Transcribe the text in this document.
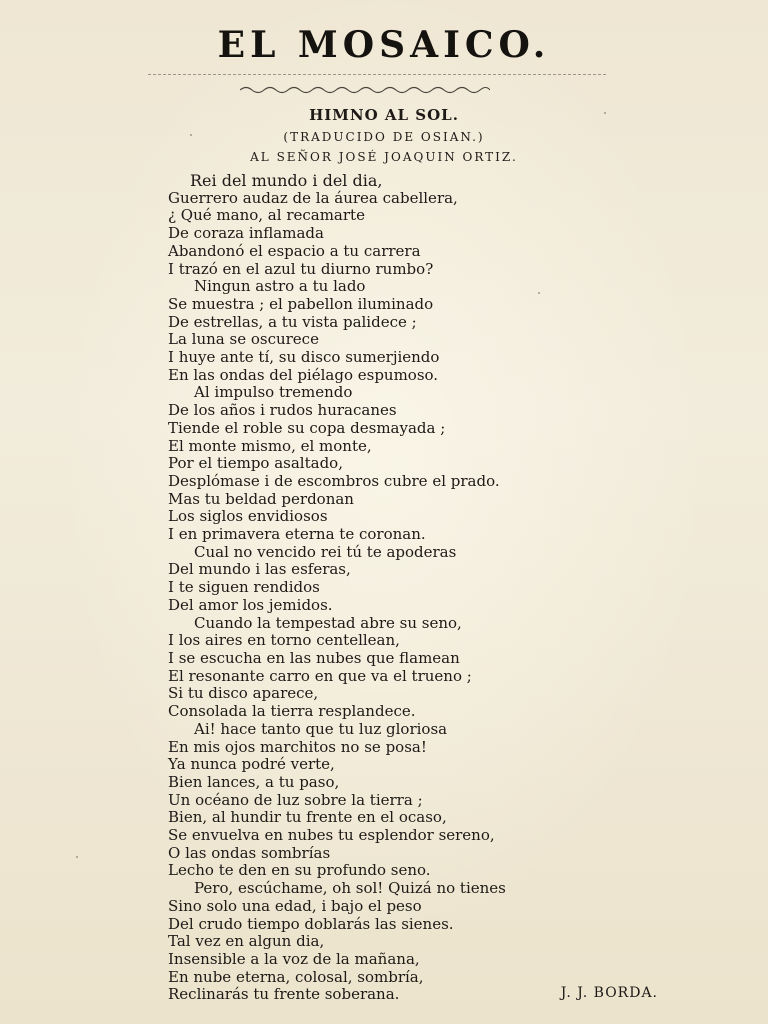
EL MOSAICO.
HIMNO AL SOL.
(TRADUCIDO DE OSIAN.)
AL SEÑOR JOSÉ JOAQUIN ORTIZ.
Rei del mundo i del dia,
Guerrero audaz de la áurea cabellera,
¿ Qué mano, al recamarte
De coraza inflamada
Abandonó el espacio a tu carrera
I trazó en el azul tu diurno rumbo?
Ningun astro a tu lado
Se muestra ; el pabellon iluminado
De estrellas, a tu vista palidece ;
La luna se oscurece
I huye ante tí, su disco sumerjiendo
En las ondas del piélago espumoso.
Al impulso tremendo
De los años i rudos huracanes
Tiende el roble su copa desmayada ;
El monte mismo, el monte,
Por el tiempo asaltado,
Desplómase i de escombros cubre el prado.
Mas tu beldad perdonan
Los siglos envidiosos
I en primavera eterna te coronan.
Cual no vencido rei tú te apoderas
Del mundo i las esferas,
I te siguen rendidos
Del amor los jemidos.
Cuando la tempestad abre su seno,
I los aires en torno centellean,
I se escucha en las nubes que flamean
El resonante carro en que va el trueno ;
Si tu disco aparece,
Consolada la tierra resplandece.
Ai! hace tanto que tu luz gloriosa
En mis ojos marchitos no se posa!
Ya nunca podré verte,
Bien lances, a tu paso,
Un océano de luz sobre la tierra ;
Bien, al hundir tu frente en el ocaso,
Se envuelva en nubes tu esplendor sereno,
O las ondas sombrías
Lecho te den en su profundo seno.
Pero, escúchame, oh sol! Quizá no tienes
Sino solo una edad, i bajo el peso
Del crudo tiempo doblarás las sienes.
Tal vez en algun dia,
Insensible a la voz de la mañana,
En nube eterna, colosal, sombría,
Reclinarás tu frente soberana.	J. J. BORDA.
